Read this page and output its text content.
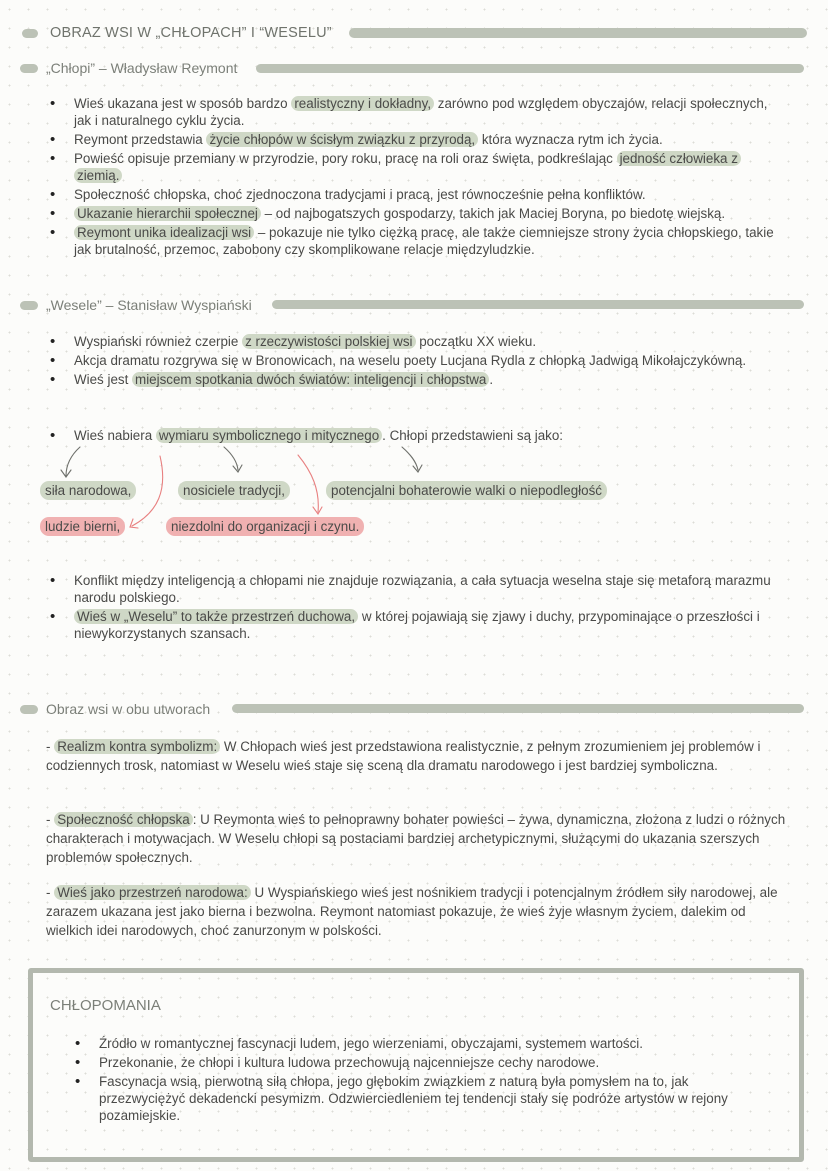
OBRAZ WSI W „CHŁOPACH” I “WESELU”
„Chłopi” – Władysław Reymont
• Wieś ukazana jest w sposób bardzo realistyczny i dokładny, zarówno pod względem obyczajów, relacji społecznych, jak i naturalnego cyklu życia.
• Reymont przedstawia życie chłopów w ścisłym związku z przyrodą, która wyznacza rytm ich życia.
• Powieść opisuje przemiany w przyrodzie, pory roku, pracę na roli oraz święta, podkreślając jedność człowieka z ziemią.
• Społeczność chłopska, choć zjednoczona tradycjami i pracą, jest równocześnie pełna konfliktów.
• Ukazanie hierarchii społecznej – od najbogatszych gospodarzy, takich jak Maciej Boryna, po biedotę wiejską.
• Reymont unika idealizacji wsi – pokazuje nie tylko ciężką pracę, ale także ciemniejsze strony życia chłopskiego, takie jak brutalność, przemoc, zabobony czy skomplikowane relacje międzyludzkie.
„Wesele” – Stanisław Wyspiański
• Wyspiański również czerpie z rzeczywistości polskiej wsi początku XX wieku.
• Akcja dramatu rozgrywa się w Bronowicach, na weselu poety Lucjana Rydla z chłopką Jadwigą Mikołajczykówną.
• Wieś jest miejscem spotkania dwóch światów: inteligencji i chłopstwa .
• Wieś nabiera wymiaru symbolicznego i mitycznego . Chłopi przedstawieni są jako:
siła narodowa,	nosiciele tradycji,	potencjalni bohaterowie walki o niepodległość
ludzie bierni,	niezdolni do organizacji i czynu.
• Konflikt między inteligencją a chłopami nie znajduje rozwiązania, a cała sytuacja weselna staje się metaforą marazmu narodu polskiego.
• Wieś w „Weselu” to także przestrzeń duchowa, w której pojawiają się zjawy i duchy, przypominające o przeszłości i niewykorzystanych szansach.
Obraz wsi w obu utworach

- Realizm kontra symbolizm: W Chłopach wieś jest przedstawiona realistycznie, z pełnym zrozumieniem jej problemów i codziennych trosk, natomiast w Weselu wieś staje się sceną dla dramatu narodowego i jest bardziej symboliczna.

- Społeczność chłopska : U Reymonta wieś to pełnoprawny bohater powieści – żywa, dynamiczna, złożona z ludzi o różnych charakterach i motywacjach. W Weselu chłopi są postaciami bardziej archetypicznymi, służącymi do ukazania szerszych problemów społecznych.

- Wieś jako przestrzeń narodowa: U Wyspiańskiego wieś jest nośnikiem tradycji i potencjalnym źródłem siły narodowej, ale zarazem ukazana jest jako bierna i bezwolna. Reymont natomiast pokazuje, że wieś żyje własnym życiem, dalekim od wielkich idei narodowych, choć zanurzonym w polskości.

CHŁOPOMANIA
• Źródło w romantycznej fascynacji ludem, jego wierzeniami, obyczajami, systemem wartości.
• Przekonanie, że chłopi i kultura ludowa przechowują najcenniejsze cechy narodowe.
• Fascynacja wsią, pierwotną siłą chłopa, jego głębokim związkiem z naturą była pomysłem na to, jak przezwyciężyć dekadencki pesymizm. Odzwierciedleniem tej tendencji stały się podróże artystów w rejony pozamiejskie.
